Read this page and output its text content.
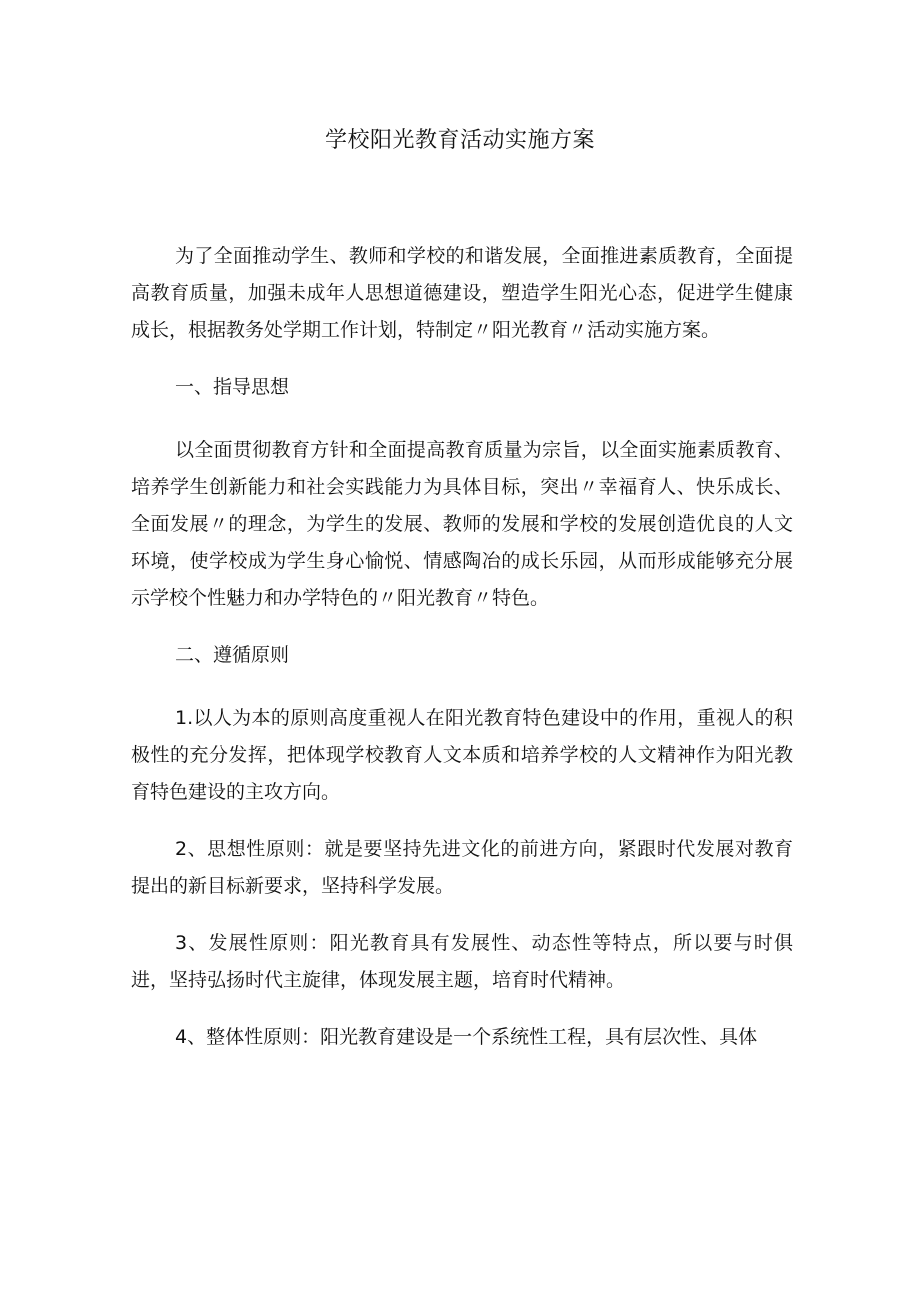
学校阳光教育活动实施方案

为了全面推动学生、教师和学校的和谐发展，全面推进素质教育，全面提高教育质量，加强未成年人思想道德建设，塑造学生阳光心态，促进学生健康成长，根据教务处学期工作计划，特制定〃阳光教育〃活动实施方案。

一、指导思想

以全面贯彻教育方针和全面提高教育质量为宗旨，以全面实施素质教育、培养学生创新能力和社会实践能力为具体目标，突出〃幸福育人、快乐成长、全面发展〃的理念，为学生的发展、教师的发展和学校的发展创造优良的人文环境，使学校成为学生身心愉悦、情感陶冶的成长乐园，从而形成能够充分展示学校个性魅力和办学特色的〃阳光教育〃特色。

二、遵循原则

1.以人为本的原则高度重视人在阳光教育特色建设中的作用，重视人的积极性的充分发挥，把体现学校教育人文本质和培养学校的人文精神作为阳光教育特色建设的主攻方向。

2、思想性原则：就是要坚持先进文化的前进方向，紧跟时代发展对教育提出的新目标新要求，坚持科学发展。

3、发展性原则：阳光教育具有发展性、动态性等特点，所以要与时俱进，坚持弘扬时代主旋律，体现发展主题，培育时代精神。

4、整体性原则：阳光教育建设是一个系统性工程，具有层次性、具体
